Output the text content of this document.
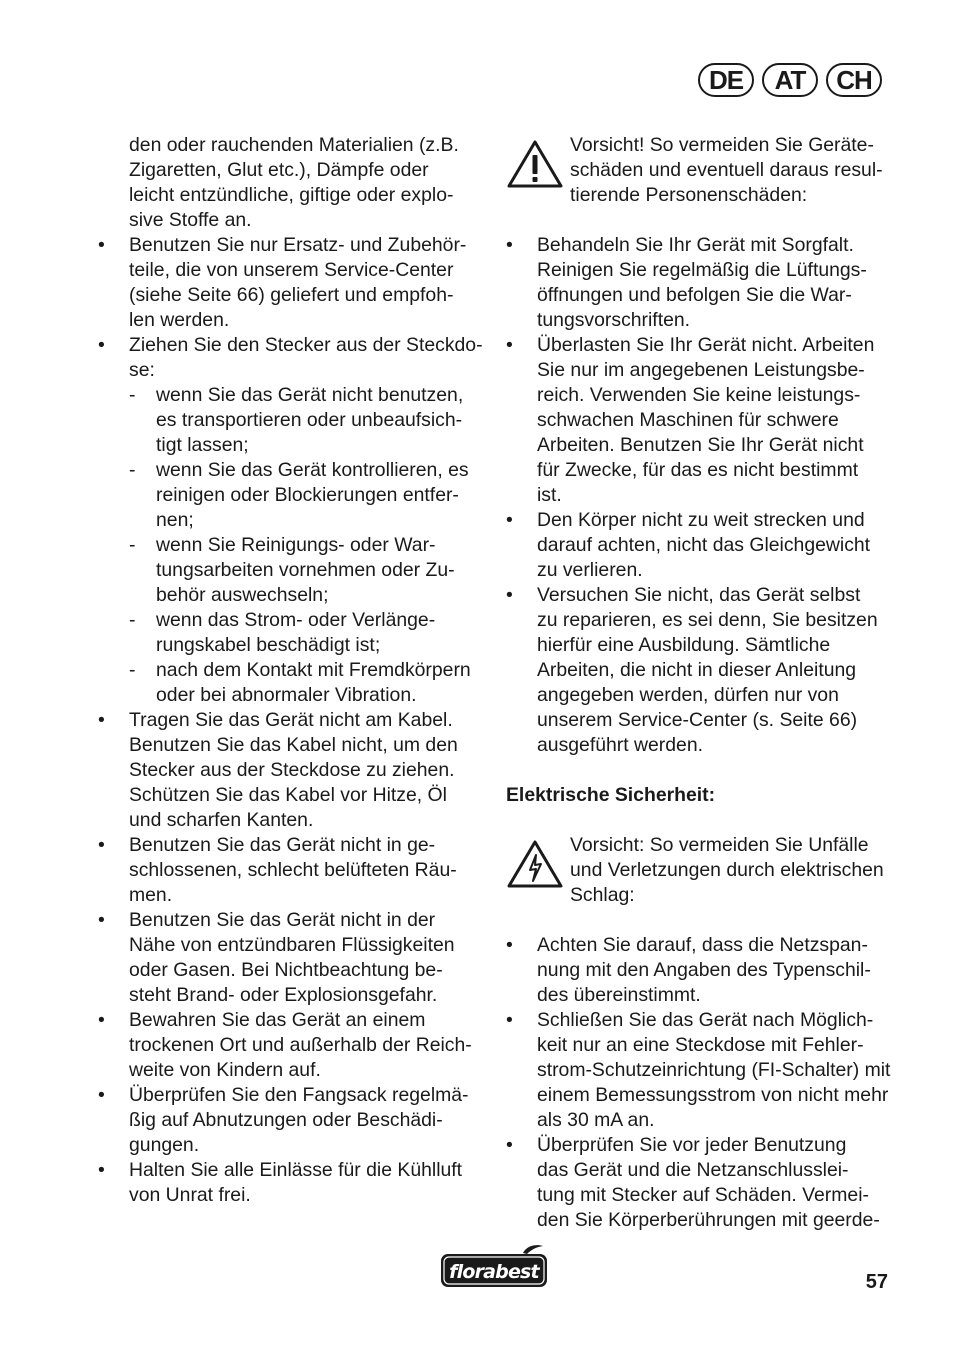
DE	AT	CH

den oder rauchenden Materialien (z.B.
Zigaretten, Glut etc.), Dämpfe oder
leicht entzündliche, giftige oder explo-
sive Stoffe an.

•	Benutzen Sie nur Ersatz- und Zubehör-
teile, die von unserem Service-Center
(siehe Seite 66) geliefert und empfoh-
len werden.
•	Ziehen Sie den Stecker aus der Steckdo-
se:
-	wenn Sie das Gerät nicht benutzen,
es transportieren oder unbeaufsich-
tigt lassen;
-	wenn Sie das Gerät kontrollieren, es
reinigen oder Blockierungen entfer-
nen;
-	wenn Sie Reinigungs- oder War-
tungsarbeiten vornehmen oder Zu-
behör auswechseln;
-	wenn das Strom- oder Verlänge-
rungskabel beschädigt ist;
-	nach dem Kontakt mit Fremdkörpern
oder bei abnormaler Vibration.
•	Tragen Sie das Gerät nicht am Kabel.
Benutzen Sie das Kabel nicht, um den
Stecker aus der Steckdose zu ziehen.
Schützen Sie das Kabel vor Hitze, Öl
und scharfen Kanten.
•	Benutzen Sie das Gerät nicht in ge-
schlossenen, schlecht belüfteten Räu-
men.
•	Benutzen Sie das Gerät nicht in der
Nähe von entzündbaren Flüssigkeiten
oder Gasen. Bei Nichtbeachtung be-
steht Brand- oder Explosionsgefahr.
•	Bewahren Sie das Gerät an einem
trockenen Ort und außerhalb der Reich-
weite von Kindern auf.
•	Überprüfen Sie den Fangsack regelmä-
ßig auf Abnutzungen oder Beschädi-
gungen.
•	Halten Sie alle Einlässe für die Kühlluft
von Unrat frei.
Vorsicht! So vermeiden Sie Geräte-
schäden und eventuell daraus resul-
tierende Personenschäden:
•	Behandeln Sie Ihr Gerät mit Sorgfalt.
Reinigen Sie regelmäßig die Lüftungs-
öffnungen und befolgen Sie die War-
tungsvorschriften.
•	Überlasten Sie Ihr Gerät nicht. Arbeiten
Sie nur im angegebenen Leistungsbe-
reich. Verwenden Sie keine leistungs-
schwachen Maschinen für schwere
Arbeiten. Benutzen Sie Ihr Gerät nicht
für Zwecke, für das es nicht bestimmt
ist.
•	Den Körper nicht zu weit strecken und
darauf achten, nicht das Gleichgewicht
zu verlieren.
•	Versuchen Sie nicht, das Gerät selbst
zu reparieren, es sei denn, Sie besitzen
hierfür eine Ausbildung. Sämtliche
Arbeiten, die nicht in dieser Anleitung
angegeben werden, dürfen nur von
unserem Service-Center (s. Seite 66)
ausgeführt werden.

Elektrische Sicherheit:

Vorsicht: So vermeiden Sie Unfälle
und Verletzungen durch elektrischen
Schlag:
•	Achten Sie darauf, dass die Netzspan-
nung mit den Angaben des Typenschil-
des übereinstimmt.
•	Schließen Sie das Gerät nach Möglich-
keit nur an eine Steckdose mit Fehler-
strom-Schutzeinrichtung (FI-Schalter) mit
einem Bemessungsstrom von nicht mehr
als 30 mA an.
•	Überprüfen Sie vor jeder Benutzung
das Gerät und die Netzanschlusslei-
tung mit Stecker auf Schäden. Vermei-
den Sie Körperberührungen mit geerde-
florabest	57
